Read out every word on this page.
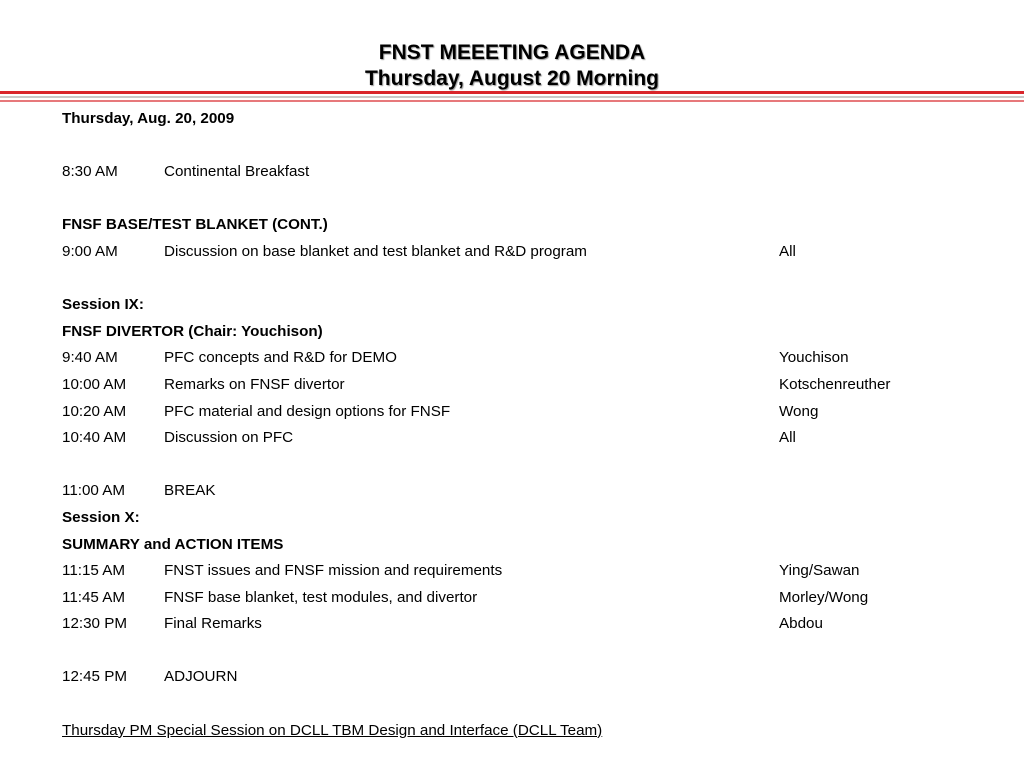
FNST MEEETING AGENDA
Thursday, August 20 Morning
Thursday, Aug. 20, 2009
8:30 AM	Continental Breakfast
FNSF BASE/TEST BLANKET (CONT.)
9:00 AM	Discussion on base blanket and test blanket and R&D program	All
Session IX:
FNSF DIVERTOR (Chair: Youchison)
9:40 AM	PFC concepts and R&D for DEMO	Youchison
10:00 AM Remarks on FNSF divertor	Kotschenreuther
10:20 AM PFC material and design options for FNSF	Wong
10:40 AM Discussion on PFC	All
11:00 AM	BREAK
Session X:
SUMMARY and ACTION ITEMS
11:15 AM	FNST issues and FNSF mission and requirements	Ying/Sawan
11:45 AM	FNSF base blanket, test modules, and divertor	Morley/Wong
12:30 PM Final Remarks	Abdou
12:45 PM ADJOURN
Thursday PM Special Session on DCLL TBM Design and Interface (DCLL Team)
